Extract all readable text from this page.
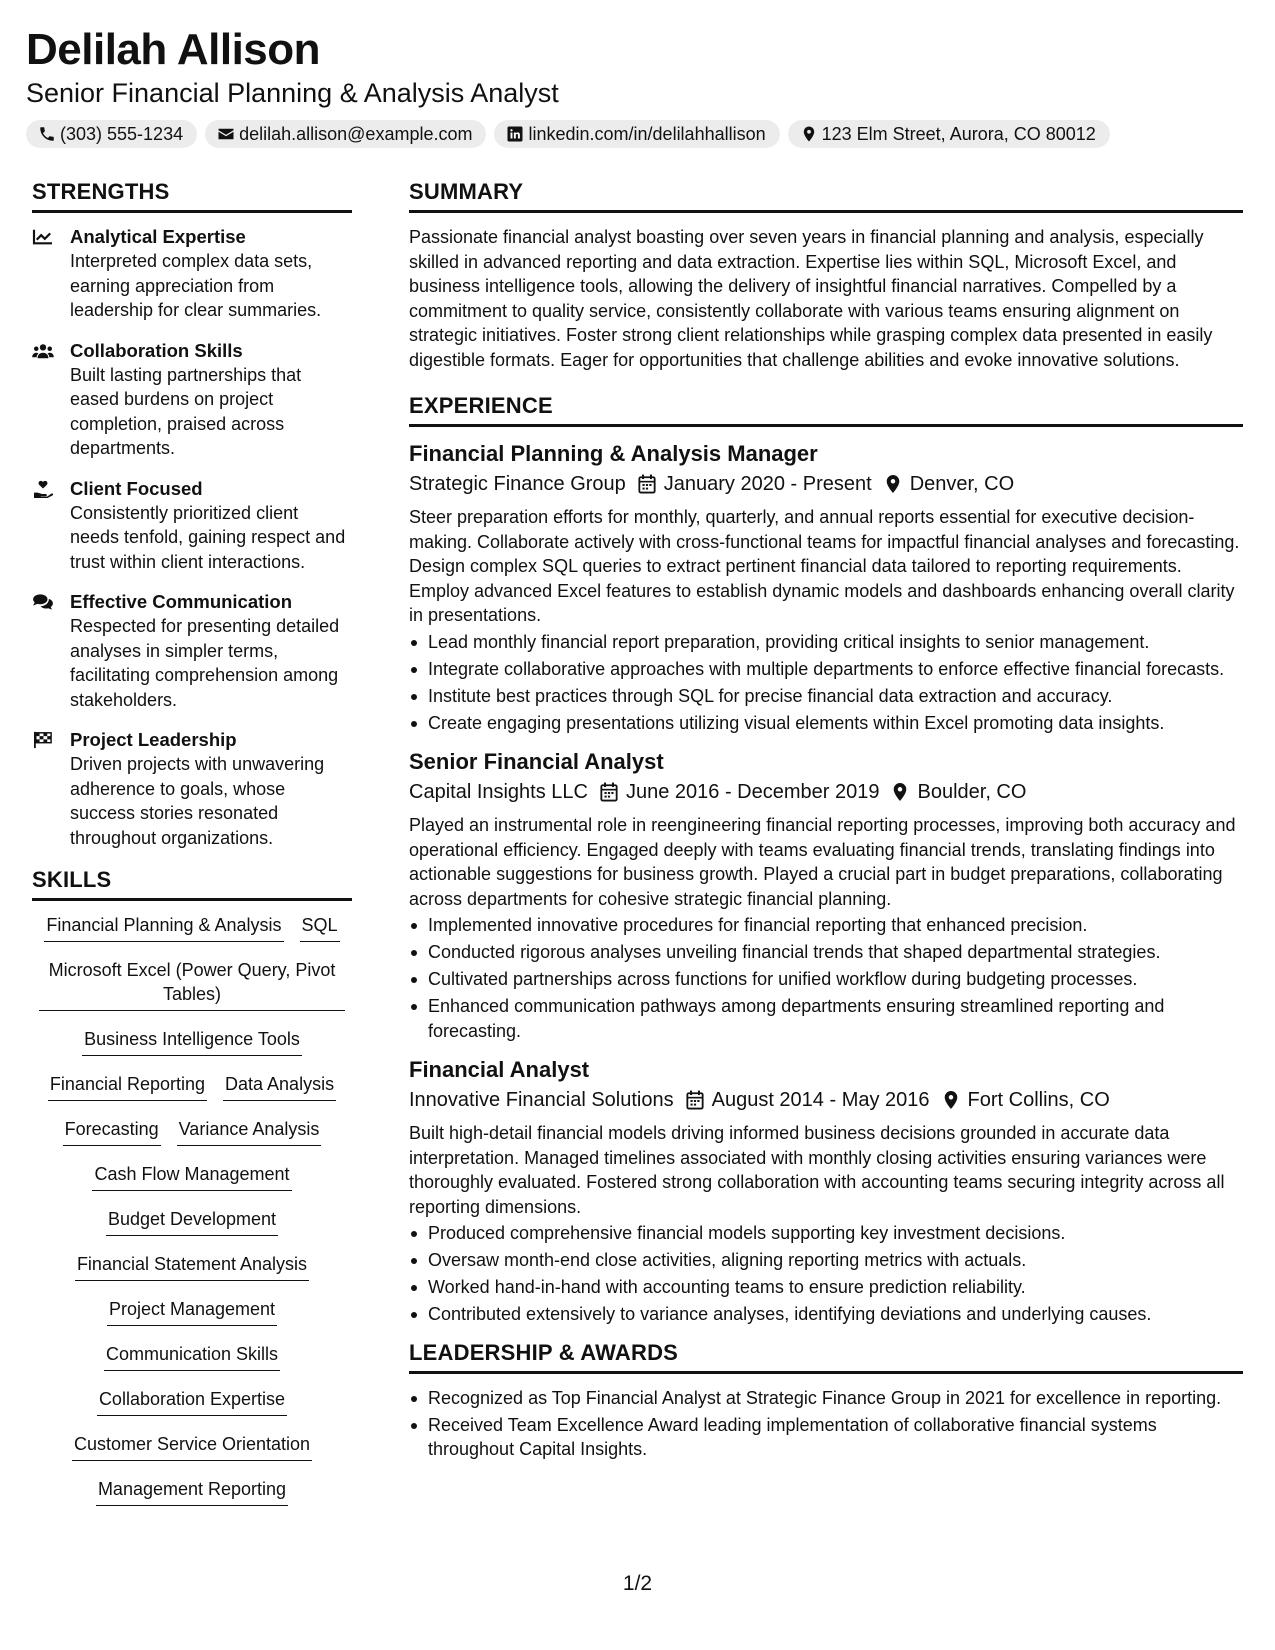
Delilah Allison
Senior Financial Planning & Analysis Analyst
(303) 555-1234	delilah.allison@example.com	linkedin.com/in/delilahhallison	123 Elm Street, Aurora, CO 80012
STRENGTHS
Analytical Expertise
Interpreted complex data sets, earning appreciation from leadership for clear summaries.
Collaboration Skills
Built lasting partnerships that eased burdens on project completion, praised across departments.
Client Focused
Consistently prioritized client needs tenfold, gaining respect and trust within client interactions.
Effective Communication
Respected for presenting detailed analyses in simpler terms, facilitating comprehension among stakeholders.
Project Leadership
Driven projects with unwavering adherence to goals, whose success stories resonated throughout organizations.
SKILLS
Financial Planning & Analysis SQL
Microsoft Excel (Power Query, Pivot Tables)
Business Intelligence Tools
Financial Reporting Data Analysis
Forecasting Variance Analysis
Cash Flow Management
Budget Development
Financial Statement Analysis
Project Management
Communication Skills
Collaboration Expertise
Customer Service Orientation
Management Reporting
SUMMARY
Passionate financial analyst boasting over seven years in financial planning and analysis, especially skilled in advanced reporting and data extraction. Expertise lies within SQL, Microsoft Excel, and business intelligence tools, allowing the delivery of insightful financial narratives. Compelled by a commitment to quality service, consistently collaborate with various teams ensuring alignment on strategic initiatives. Foster strong client relationships while grasping complex data presented in easily digestible formats. Eager for opportunities that challenge abilities and evoke innovative solutions.
EXPERIENCE
Financial Planning & Analysis Manager
Strategic Finance Group January 2020 - Present Denver, CO
Steer preparation efforts for monthly, quarterly, and annual reports essential for executive decision-making. Collaborate actively with cross-functional teams for impactful financial analyses and forecasting. Design complex SQL queries to extract pertinent financial data tailored to reporting requirements. Employ advanced Excel features to establish dynamic models and dashboards enhancing overall clarity in presentations.
Lead monthly financial report preparation, providing critical insights to senior management.
Integrate collaborative approaches with multiple departments to enforce effective financial forecasts.
Institute best practices through SQL for precise financial data extraction and accuracy.
Create engaging presentations utilizing visual elements within Excel promoting data insights.
Senior Financial Analyst
Capital Insights LLC June 2016 - December 2019 Boulder, CO
Played an instrumental role in reengineering financial reporting processes, improving both accuracy and operational efficiency. Engaged deeply with teams evaluating financial trends, translating findings into actionable suggestions for business growth. Played a crucial part in budget preparations, collaborating across departments for cohesive strategic financial planning.
Implemented innovative procedures for financial reporting that enhanced precision.
Conducted rigorous analyses unveiling financial trends that shaped departmental strategies.
Cultivated partnerships across functions for unified workflow during budgeting processes.
Enhanced communication pathways among departments ensuring streamlined reporting and forecasting.
Financial Analyst
Innovative Financial Solutions August 2014 - May 2016 Fort Collins, CO
Built high-detail financial models driving informed business decisions grounded in accurate data interpretation. Managed timelines associated with monthly closing activities ensuring variances were thoroughly evaluated. Fostered strong collaboration with accounting teams securing integrity across all reporting dimensions.
Produced comprehensive financial models supporting key investment decisions.
Oversaw month-end close activities, aligning reporting metrics with actuals.
Worked hand-in-hand with accounting teams to ensure prediction reliability.
Contributed extensively to variance analyses, identifying deviations and underlying causes.
LEADERSHIP & AWARDS
Recognized as Top Financial Analyst at Strategic Finance Group in 2021 for excellence in reporting.
Received Team Excellence Award leading implementation of collaborative financial systems throughout Capital Insights.
1/2
